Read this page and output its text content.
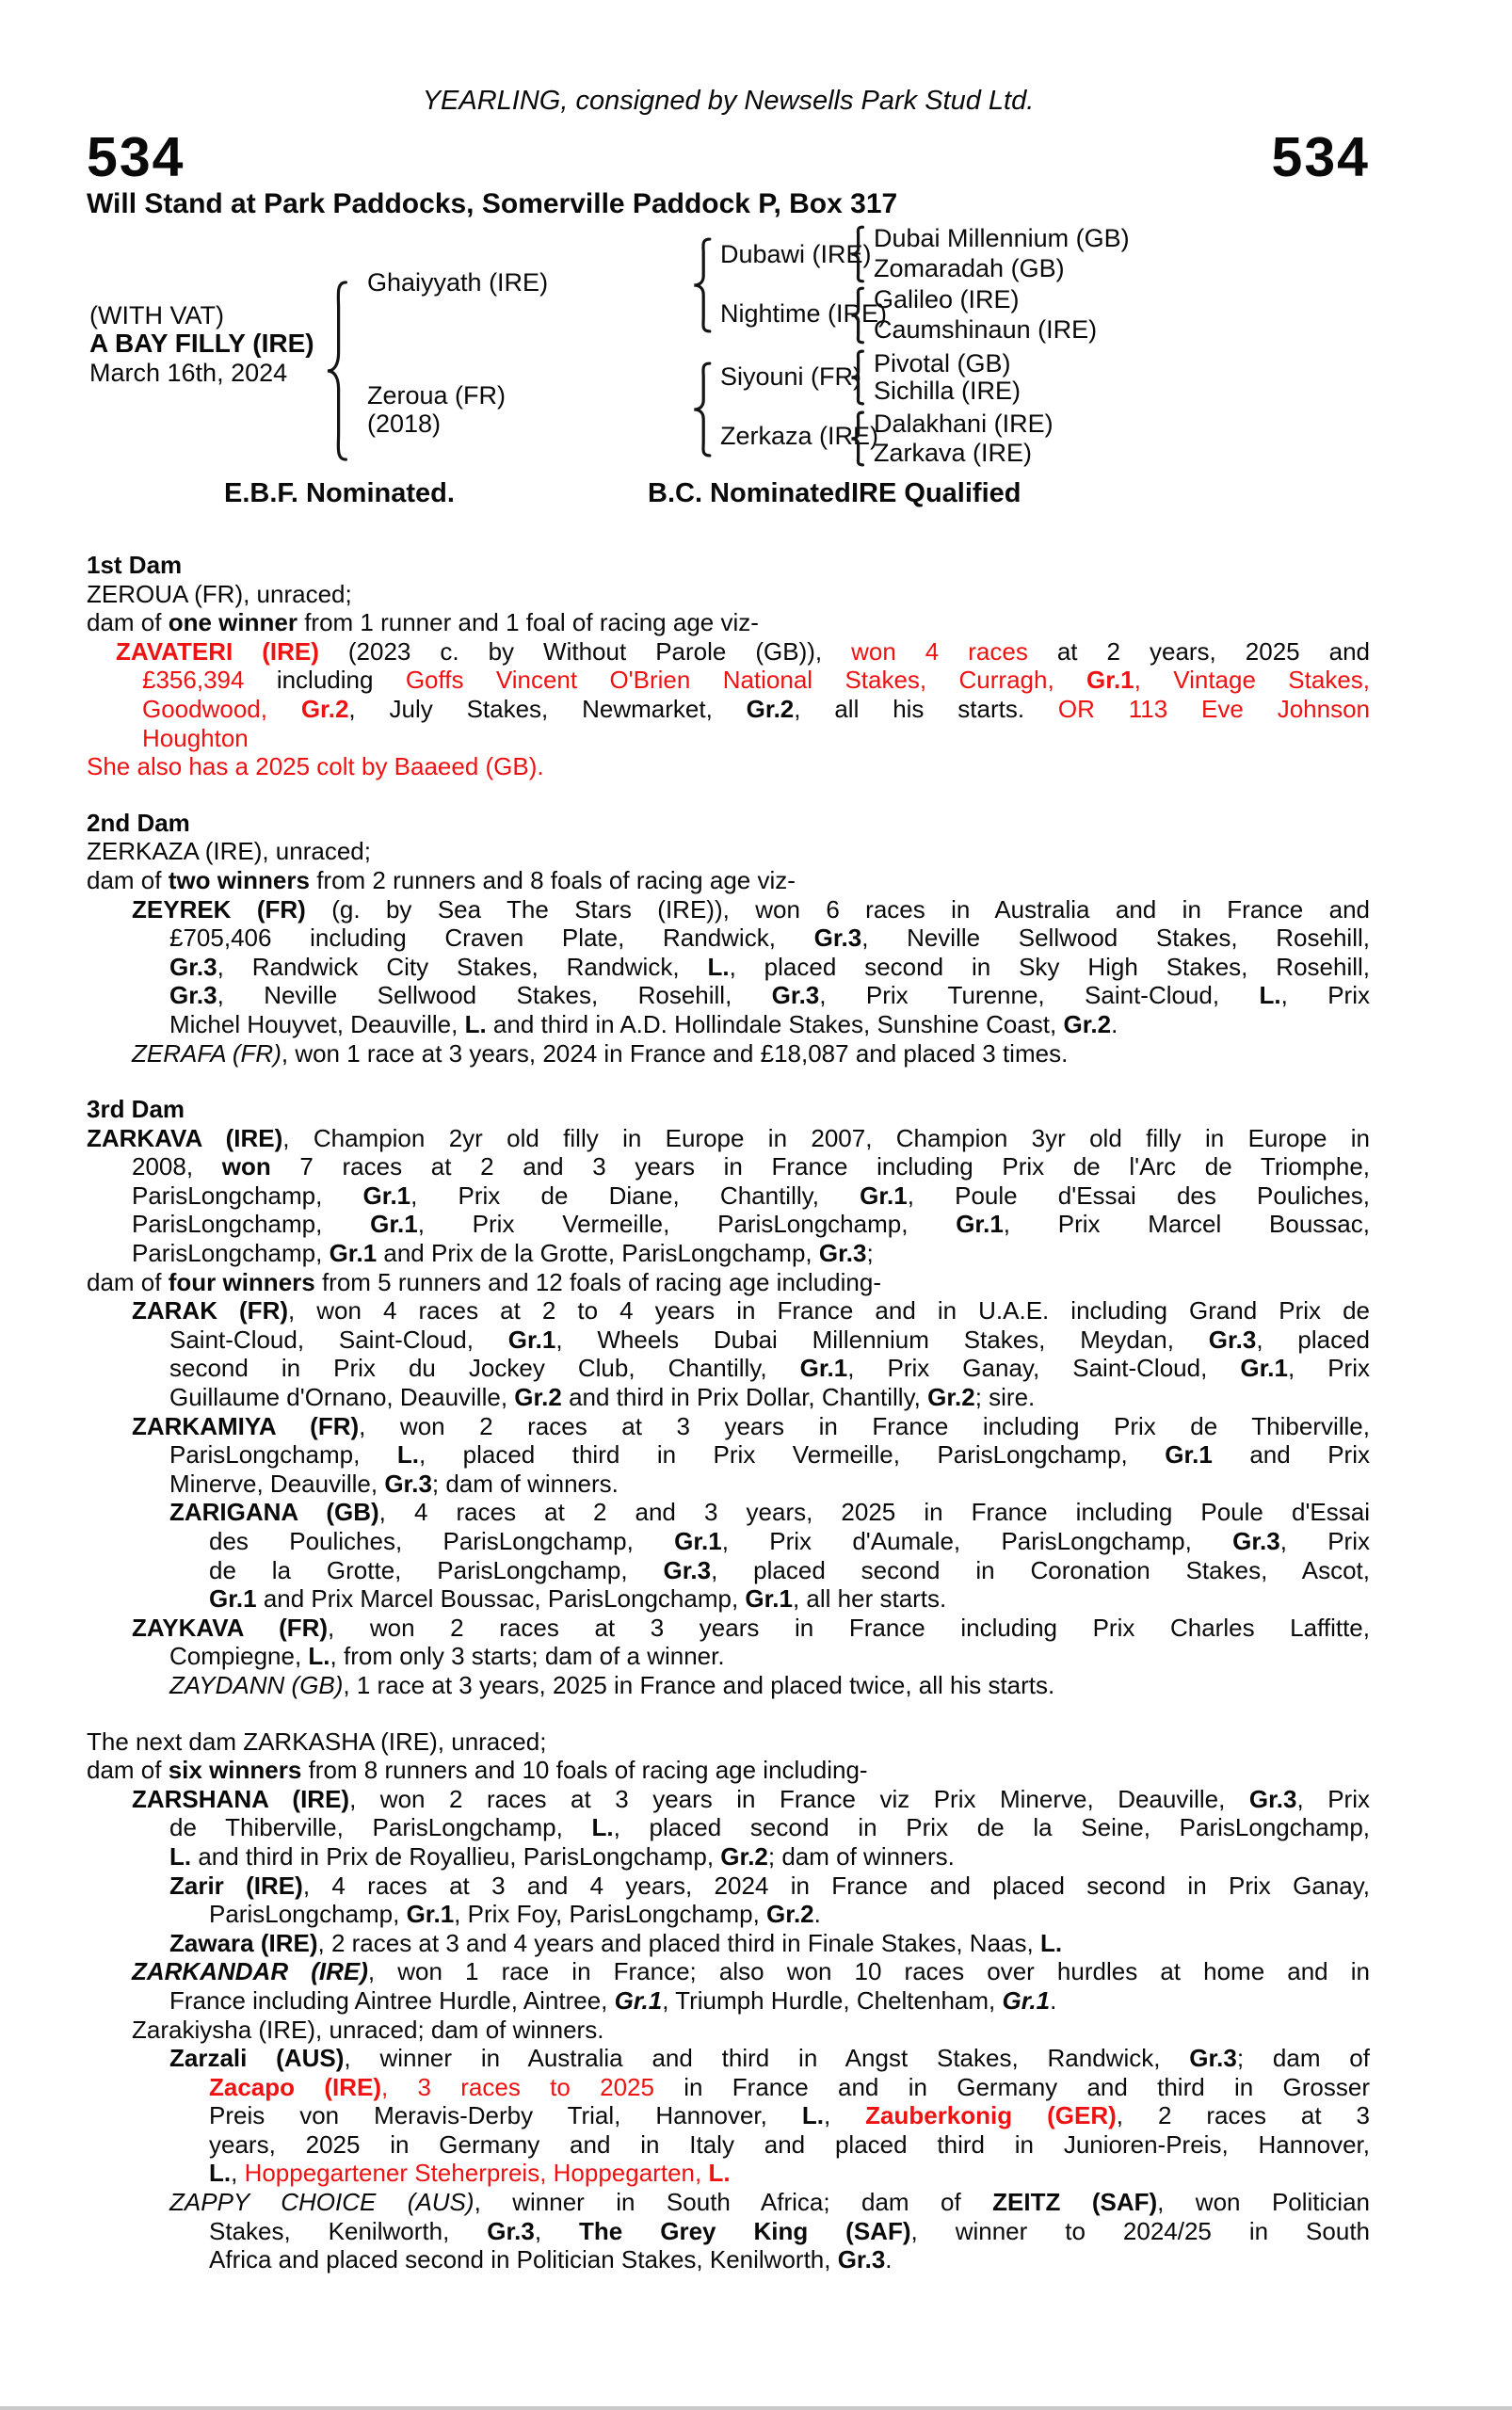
YEARLING, consigned by Newsells Park Stud Ltd.
534	534
Will Stand at Park Paddocks, Somerville Paddock P, Box 317
(WITH VAT)
A BAY FILLY (IRE)
March 16th, 2024
Ghaiyyath (IRE)
Zeroua (FR)
(2018)
Dubawi (IRE)
Nightime (IRE)
Siyouni (FR)
Zerkaza (IRE)
Dubai Millennium (GB)
Zomaradah (GB)
Galileo (IRE)
Caumshinaun (IRE)
Pivotal (GB)
Sichilla (IRE)
Dalakhani (IRE)
Zarkava (IRE)
E.B.F. Nominated.	B.C. Nominated.
IRE Qualified
1st Dam
ZEROUA (FR), unraced;
dam of one winner from 1 runner and 1 foal of racing age viz-
ZAVATERI (IRE) (2023 c. by Without Parole (GB)), won 4 races at 2 years, 2025 and
£356,394 including Goffs Vincent O'Brien National Stakes, Curragh, Gr.1, Vintage Stakes,
Goodwood, Gr.2, July Stakes, Newmarket, Gr.2, all his starts. OR 113 Eve Johnson
Houghton
She also has a 2025 colt by Baaeed (GB).
2nd Dam
ZERKAZA (IRE), unraced;
dam of two winners from 2 runners and 8 foals of racing age viz-
ZEYREK (FR) (g. by Sea The Stars (IRE)), won 6 races in Australia and in France and
£705,406 including Craven Plate, Randwick, Gr.3, Neville Sellwood Stakes, Rosehill,
Gr.3, Randwick City Stakes, Randwick, L., placed second in Sky High Stakes, Rosehill,
Gr.3, Neville Sellwood Stakes, Rosehill, Gr.3, Prix Turenne, Saint-Cloud, L., Prix
Michel Houyvet, Deauville, L. and third in A.D. Hollindale Stakes, Sunshine Coast, Gr.2.
ZERAFA (FR), won 1 race at 3 years, 2024 in France and £18,087 and placed 3 times.
3rd Dam
ZARKAVA (IRE), Champion 2yr old filly in Europe in 2007, Champion 3yr old filly in Europe in
2008, won 7 races at 2 and 3 years in France including Prix de l'Arc de Triomphe,
ParisLongchamp, Gr.1, Prix de Diane, Chantilly, Gr.1, Poule d'Essai des Pouliches,
ParisLongchamp, Gr.1, Prix Vermeille, ParisLongchamp, Gr.1, Prix Marcel Boussac,
ParisLongchamp, Gr.1 and Prix de la Grotte, ParisLongchamp, Gr.3;
dam of four winners from 5 runners and 12 foals of racing age including-
ZARAK (FR), won 4 races at 2 to 4 years in France and in U.A.E. including Grand Prix de
Saint-Cloud, Saint-Cloud, Gr.1, Wheels Dubai Millennium Stakes, Meydan, Gr.3, placed
second in Prix du Jockey Club, Chantilly, Gr.1, Prix Ganay, Saint-Cloud, Gr.1, Prix
Guillaume d'Ornano, Deauville, Gr.2 and third in Prix Dollar, Chantilly, Gr.2; sire.
ZARKAMIYA (FR), won 2 races at 3 years in France including Prix de Thiberville,
ParisLongchamp, L., placed third in Prix Vermeille, ParisLongchamp, Gr.1 and Prix
Minerve, Deauville, Gr.3; dam of winners.
ZARIGANA (GB), 4 races at 2 and 3 years, 2025 in France including Poule d'Essai
des Pouliches, ParisLongchamp, Gr.1, Prix d'Aumale, ParisLongchamp, Gr.3, Prix
de la Grotte, ParisLongchamp, Gr.3, placed second in Coronation Stakes, Ascot,
Gr.1 and Prix Marcel Boussac, ParisLongchamp, Gr.1, all her starts.
ZAYKAVA (FR), won 2 races at 3 years in France including Prix Charles Laffitte,
Compiegne, L., from only 3 starts; dam of a winner.
ZAYDANN (GB), 1 race at 3 years, 2025 in France and placed twice, all his starts.
The next dam ZARKASHA (IRE), unraced;
dam of six winners from 8 runners and 10 foals of racing age including-
ZARSHANA (IRE), won 2 races at 3 years in France viz Prix Minerve, Deauville, Gr.3, Prix
de Thiberville, ParisLongchamp, L., placed second in Prix de la Seine, ParisLongchamp,
L. and third in Prix de Royallieu, ParisLongchamp, Gr.2; dam of winners.
Zarir (IRE), 4 races at 3 and 4 years, 2024 in France and placed second in Prix Ganay,
ParisLongchamp, Gr.1, Prix Foy, ParisLongchamp, Gr.2.
Zawara (IRE), 2 races at 3 and 4 years and placed third in Finale Stakes, Naas, L.
ZARKANDAR (IRE), won 1 race in France; also won 10 races over hurdles at home and in
France including Aintree Hurdle, Aintree, Gr.1, Triumph Hurdle, Cheltenham, Gr.1.
Zarakiysha (IRE), unraced; dam of winners.
Zarzali (AUS), winner in Australia and third in Angst Stakes, Randwick, Gr.3; dam of
Zacapo (IRE), 3 races to 2025 in France and in Germany and third in Grosser
Preis von Meravis-Derby Trial, Hannover, L., Zauberkonig (GER), 2 races at 3
years, 2025 in Germany and in Italy and placed third in Junioren-Preis, Hannover,
L., Hoppegartener Steherpreis, Hoppegarten, L.
ZAPPY CHOICE (AUS), winner in South Africa; dam of ZEITZ (SAF), won Politician
Stakes, Kenilworth, Gr.3, The Grey King (SAF), winner to 2024/25 in South
Africa and placed second in Politician Stakes, Kenilworth, Gr.3.
